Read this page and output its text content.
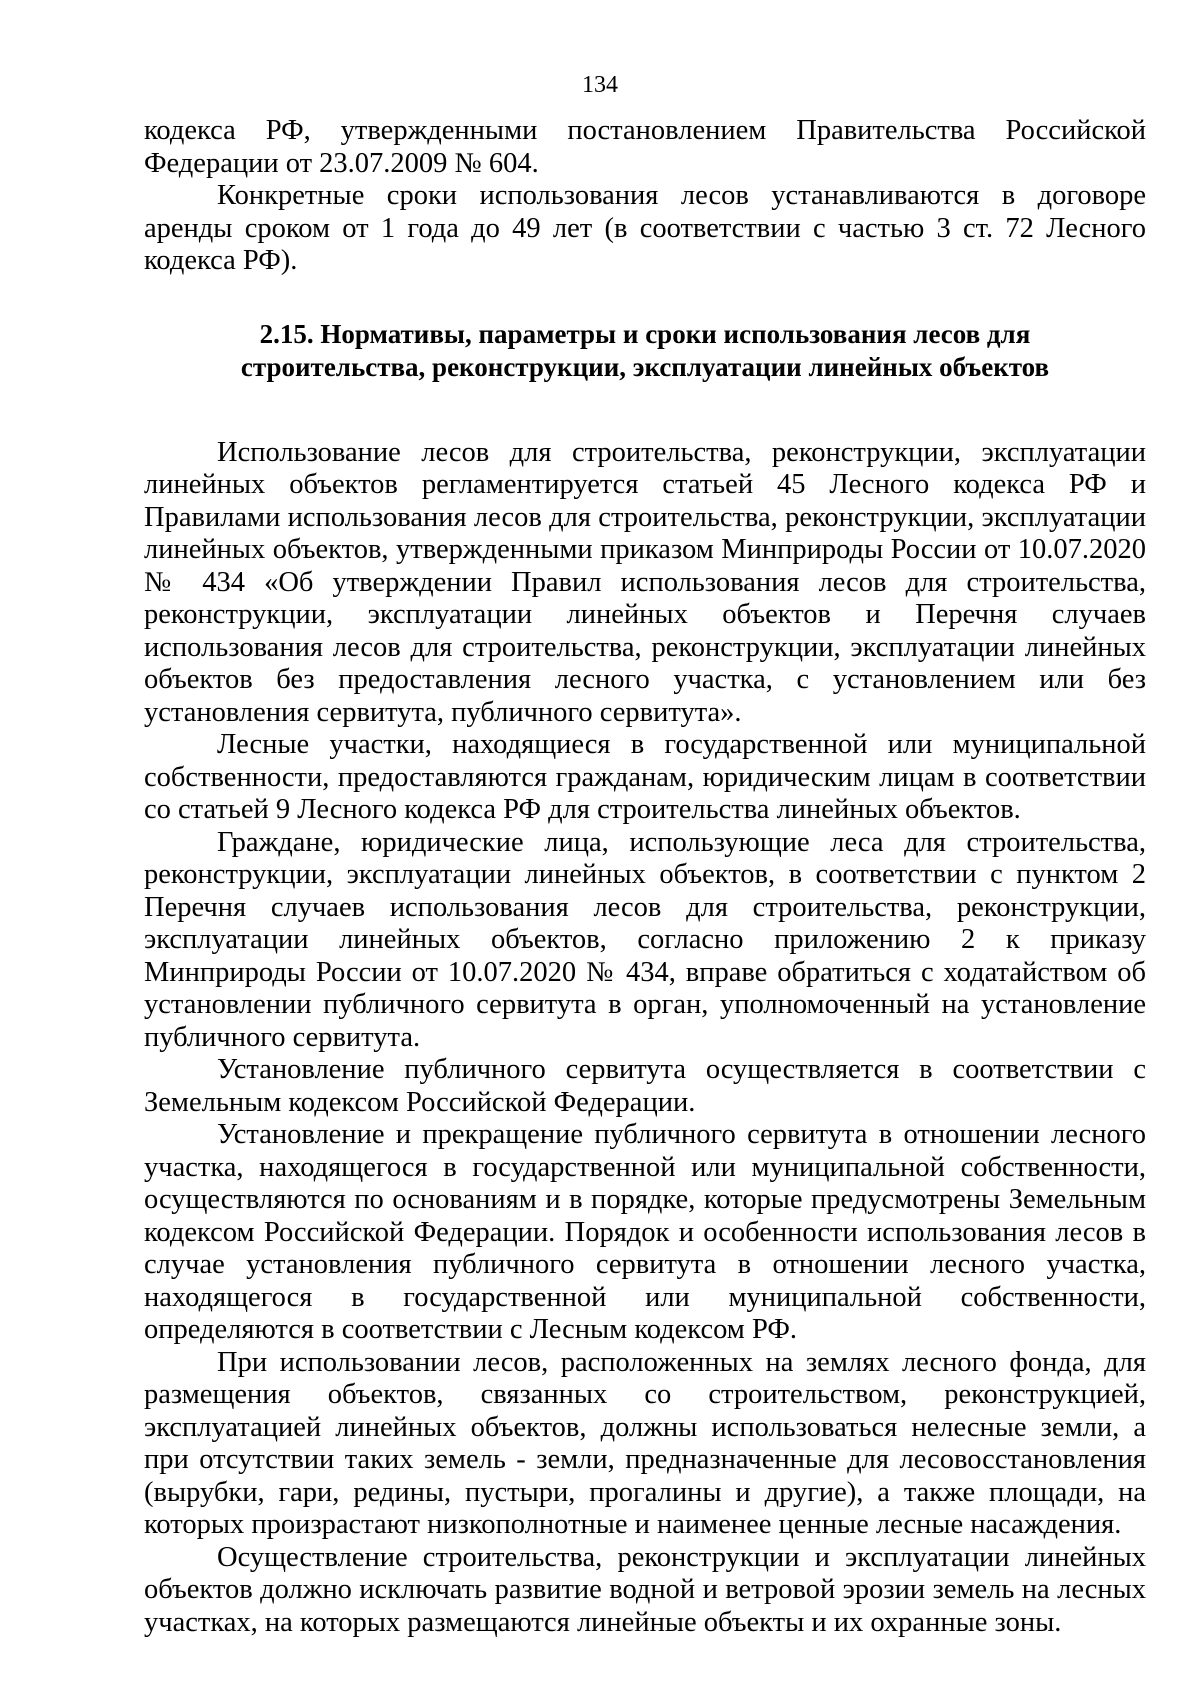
134

кодекса РФ, утвержденными постановлением Правительства Российской Федерации от 23.07.2009 № 604.

Конкретные сроки использования лесов устанавливаются в договоре аренды сроком от 1 года до 49 лет (в соответствии с частью 3 ст. 72 Лесного кодекса РФ).

2.15. Нормативы, параметры и сроки использования лесов для
строительства, реконструкции, эксплуатации линейных объектов

Использование лесов для строительства, реконструкции, эксплуатации линейных объектов регламентируется статьей 45 Лесного кодекса РФ и Правилами использования лесов для строительства, реконструкции, эксплуатации линейных объектов, утвержденными приказом Минприроды России от 10.07.2020 № 434 «Об утверждении Правил использования лесов для строительства, реконструкции, эксплуатации линейных объектов и Перечня случаев использования лесов для строительства, реконструкции, эксплуатации линейных объектов без предоставления лесного участка, с установлением или без установления сервитута, публичного сервитута».

Лесные участки, находящиеся в государственной или муниципальной собственности, предоставляются гражданам, юридическим лицам в соответствии со статьей 9 Лесного кодекса РФ для строительства линейных объектов.

Граждане, юридические лица, использующие леса для строительства, реконструкции, эксплуатации линейных объектов, в соответствии с пунктом 2 Перечня случаев использования лесов для строительства, реконструкции, эксплуатации линейных объектов, согласно приложению 2 к приказу Минприроды России от 10.07.2020 № 434, вправе обратиться с ходатайством об установлении публичного сервитута в орган, уполномоченный на установление публичного сервитута.

Установление публичного сервитута осуществляется в соответствии с Земельным кодексом Российской Федерации.

Установление и прекращение публичного сервитута в отношении лесного участка, находящегося в государственной или муниципальной собственности, осуществляются по основаниям и в порядке, которые предусмотрены Земельным кодексом Российской Федерации. Порядок и особенности использования лесов в случае установления публичного сервитута в отношении лесного участка, находящегося в государственной или муниципальной собственности, определяются в соответствии с Лесным кодексом РФ.

При использовании лесов, расположенных на землях лесного фонда, для размещения объектов, связанных со строительством, реконструкцией, эксплуатацией линейных объектов, должны использоваться нелесные земли, а при отсутствии таких земель - земли, предназначенные для лесовосстановления (вырубки, гари, редины, пустыри, прогалины и другие), а также площади, на которых произрастают низкополнотные и наименее ценные лесные насаждения.

Осуществление строительства, реконструкции и эксплуатации линейных объектов должно исключать развитие водной и ветровой эрозии земель на лесных участках, на которых размещаются линейные объекты и их охранные зоны.
